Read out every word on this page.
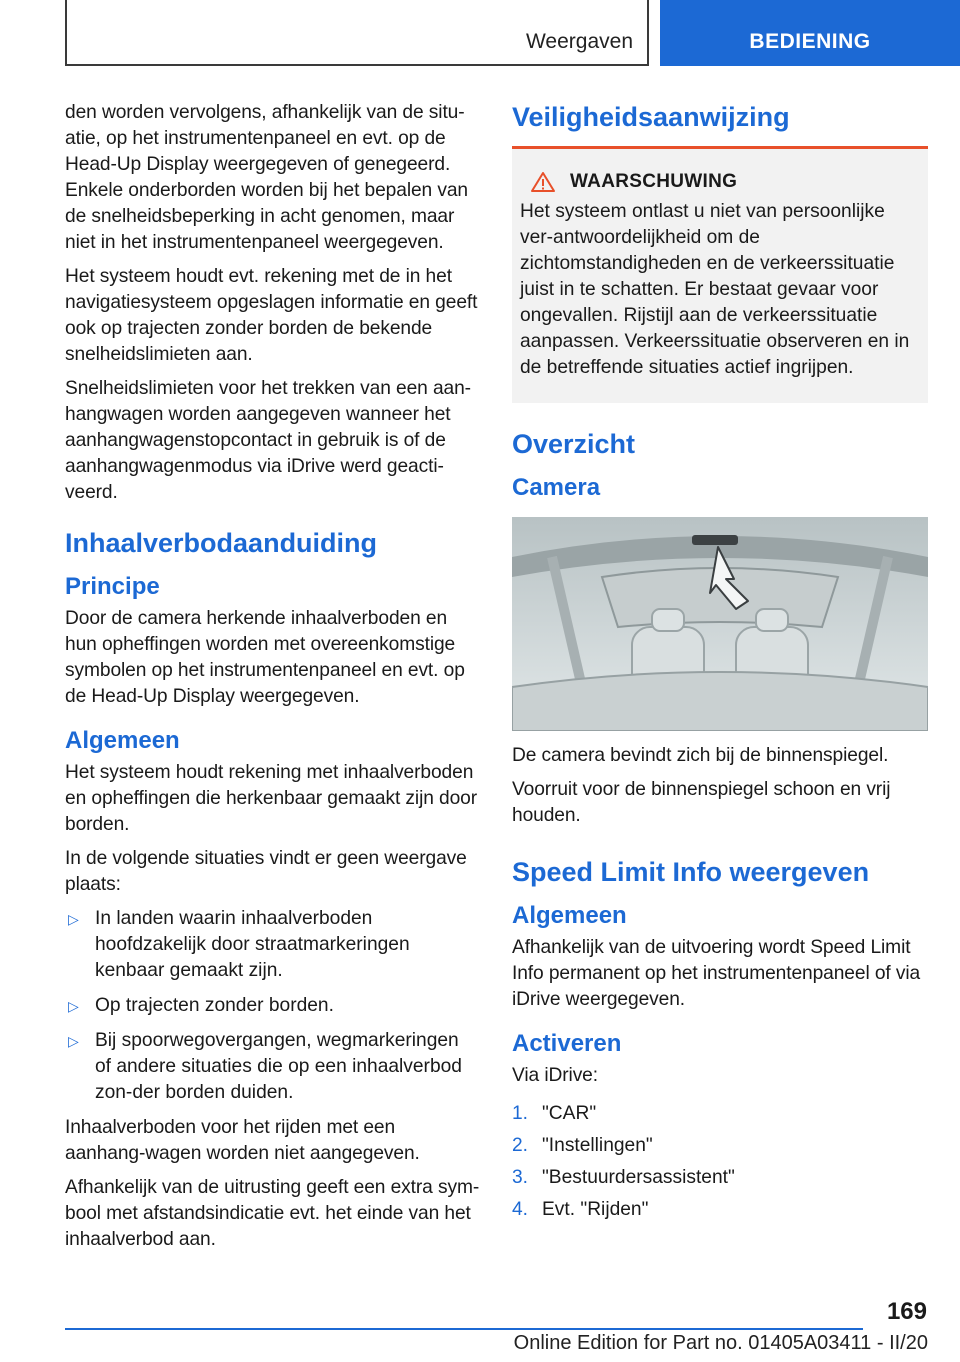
Weergaven	BEDIENING

den worden vervolgens, afhankelijk van de situ-atie, op het instrumentenpaneel en evt. op de Head-Up Display weergegeven of genegeerd. Enkele onderborden worden bij het bepalen van de snelheidsbeperking in acht genomen, maar niet in het instrumentenpaneel weergegeven.

Het systeem houdt evt. rekening met de in het navigatiesysteem opgeslagen informatie en geeft ook op trajecten zonder borden de bekende snelheidslimieten aan.

Snelheidslimieten voor het trekken van een aan-hangwagen worden aangegeven wanneer het aanhangwagenstopcontact in gebruik is of de aanhangwagenmodus via iDrive werd geacti-veerd.

Inhaalverbodaanduiding
Principe

Door de camera herkende inhaalverboden en hun opheffingen worden met overeenkomstige symbolen op het instrumentenpaneel en evt. op de Head-Up Display weergegeven.

Algemeen

Het systeem houdt rekening met inhaalverboden en opheffingen die herkenbaar gemaakt zijn door borden.

In de volgende situaties vindt er geen weergave plaats:

▷ In landen waarin inhaalverboden hoofdzakelijk door straatmarkeringen kenbaar gemaakt zijn.
▷ Op trajecten zonder borden.
▷ Bij spoorwegovergangen, wegmarkeringen of andere situaties die op een inhaalverbod zon-der borden duiden.

Inhaalverboden voor het rijden met een aanhang-wagen worden niet aangegeven.

Afhankelijk van de uitrusting geeft een extra sym-bool met afstandsindicatie evt. het einde van het inhaalverbod aan.

Veiligheidsaanwijzing
WAARSCHUWING

Het systeem ontlast u niet van persoonlijke ver-antwoordelijkheid om de zichtomstandigheden en de verkeerssituatie juist in te schatten. Er bestaat gevaar voor ongevallen. Rijstijl aan de verkeerssituatie aanpassen. Verkeerssituatie observeren en in de betreffende situaties actief ingrijpen.

Overzicht
Camera

De camera bevindt zich bij de binnenspiegel.

Voorruit voor de binnenspiegel schoon en vrij houden.

Speed Limit Info weergeven
Algemeen

Afhankelijk van de uitvoering wordt Speed Limit Info permanent op het instrumentenpaneel of via iDrive weergegeven.

Activeren

Via iDrive:

1. "CAR"
2. "Instellingen"
3. "Bestuurdersassistent"
4. Evt. "Rijden"
169
Online Edition for Part no. 01405A03411 - II/20
